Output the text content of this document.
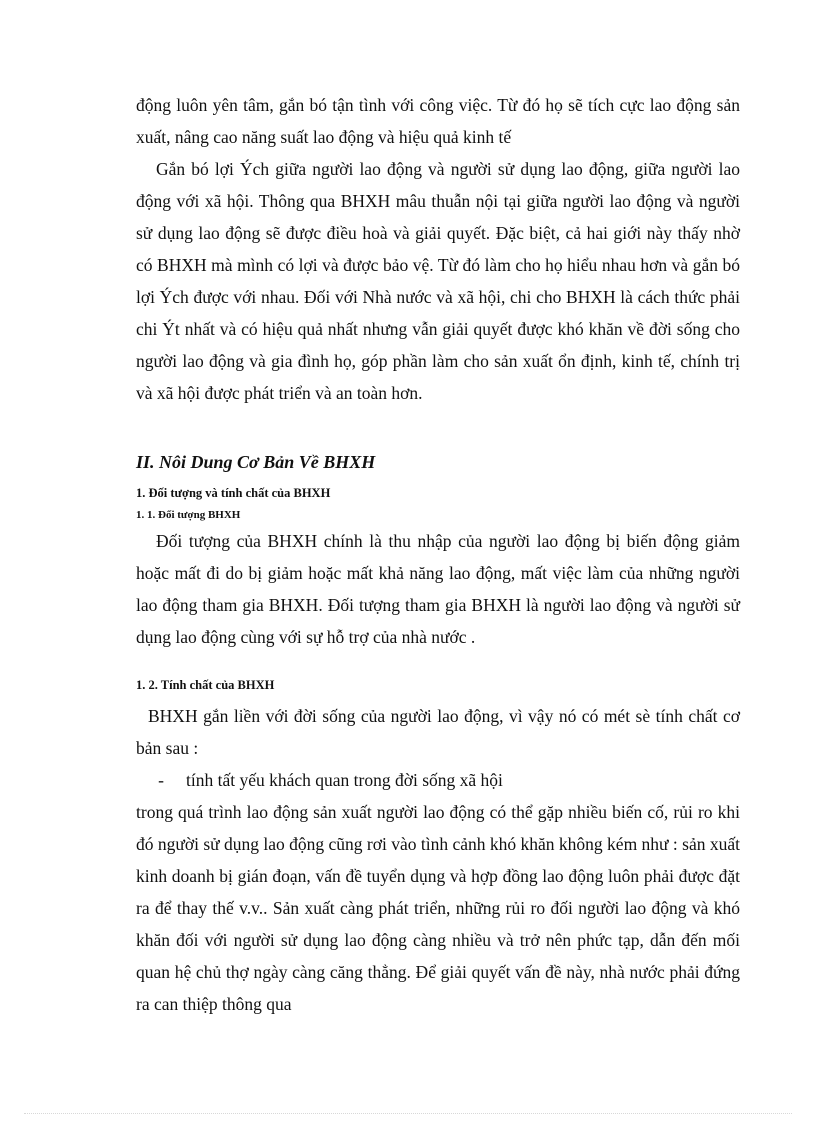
động luôn yên tâm, gắn bó tận tình với công việc. Từ đó họ sẽ tích cực lao động sản xuất, nâng cao năng suất lao động và hiệu quả kinh tế

Gắn bó lợi Ých giữa người lao động và người sử dụng lao động, giữa người lao động với xã hội. Thông qua BHXH mâu thuẫn nội tại giữa người lao động và người sử dụng lao động sẽ được điều hoà và giải quyết. Đặc biệt, cả hai giới này thấy nhờ có BHXH mà mình có lợi và được bảo vệ. Từ đó làm cho họ hiểu nhau hơn và gắn bó lợi Ých được với nhau. Đối với Nhà nước và xã hội, chi cho BHXH là cách thức phải chi Ýt nhất và có hiệu quả nhất nhưng vẫn giải quyết được khó khăn về đời sống cho người lao động và gia đình họ, góp phần làm cho sản xuất ổn định, kinh tế, chính trị và xã hội được phát triển và an toàn hơn.

II. Nôi Dung Cơ Bản Về BHXH
1. Đối tượng và tính chất của BHXH
1. 1. Đối tượng BHXH

Đối tượng của BHXH chính là thu nhập của người lao động bị biến động giảm hoặc mất đi do bị giảm hoặc mất khả năng lao động, mất việc làm của những người lao động tham gia BHXH. Đối tượng tham gia BHXH là người lao động và người sử dụng lao động cùng với sự hỗ trợ của nhà nước .

1. 2. Tính chất của BHXH

BHXH gắn liền với đời sống của người lao động, vì vậy nó có mét sè tính chất cơ bản sau :

- tính tất yếu khách quan trong đời sống xã hội

trong quá trình lao động sản xuất người lao động có thể gặp nhiều biến cố, rủi ro khi đó người sử dụng lao động cũng rơi vào tình cảnh khó khăn không kém như : sản xuất kinh doanh bị gián đoạn, vấn đề tuyển dụng và hợp đồng lao động luôn phải được đặt ra để thay thế v.v.. Sản xuất càng phát triển, những rủi ro đối người lao động và khó khăn đối với người sử dụng lao động càng nhiều và trở nên phức tạp, dẫn đến mối quan hệ chủ thợ ngày càng căng thẳng. Để giải quyết vấn đề này, nhà nước phải đứng ra can thiệp thông qua
